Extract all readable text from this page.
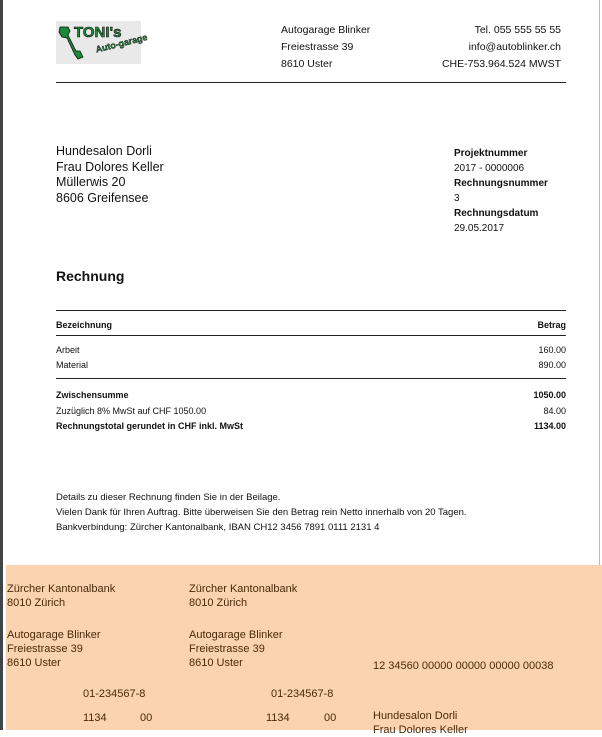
TONI's
Auto-garage
Autogarage Blinker
Freiestrasse 39
8610 Uster
Tel. 055 555 55 55
info@autoblinker.ch
CHE-753.964.524 MWST
Hundesalon Dorli
Frau Dolores Keller
Müllerwis 20
8606 Greifensee
Projektnummer
2017 - 0000006
Rechnungsnummer
3
Rechnungsdatum
29.05.2017
Rechnung
Bezeichnung	Betrag
Arbeit	160.00
Material	890.00
Zwischensumme	1050.00
Zuzüglich 8% MwSt auf CHF 1050.00	84.00
Rechnungstotal gerundet in CHF inkl. MwSt	1134.00
Details zu dieser Rechnung finden Sie in der Beilage.
Vielen Dank für Ihren Auftrag. Bitte überweisen Sie den Betrag rein Netto innerhalb von 20 Tagen.
Bankverbindung: Zürcher Kantonalbank, IBAN CH12 3456 7891 0111 2131 4
Zürcher Kantonalbank
8010 Zürich
Autogarage Blinker
Freiestrasse 39
8610 Uster
01-234567-8
1134	00
Zürcher Kantonalbank
8010 Zürich
Autogarage Blinker
Freiestrasse 39
8610 Uster
01-234567-8
1134	00
12 34560 00000 00000 00000 00038
Hundesalon Dorli
Frau Dolores Keller
